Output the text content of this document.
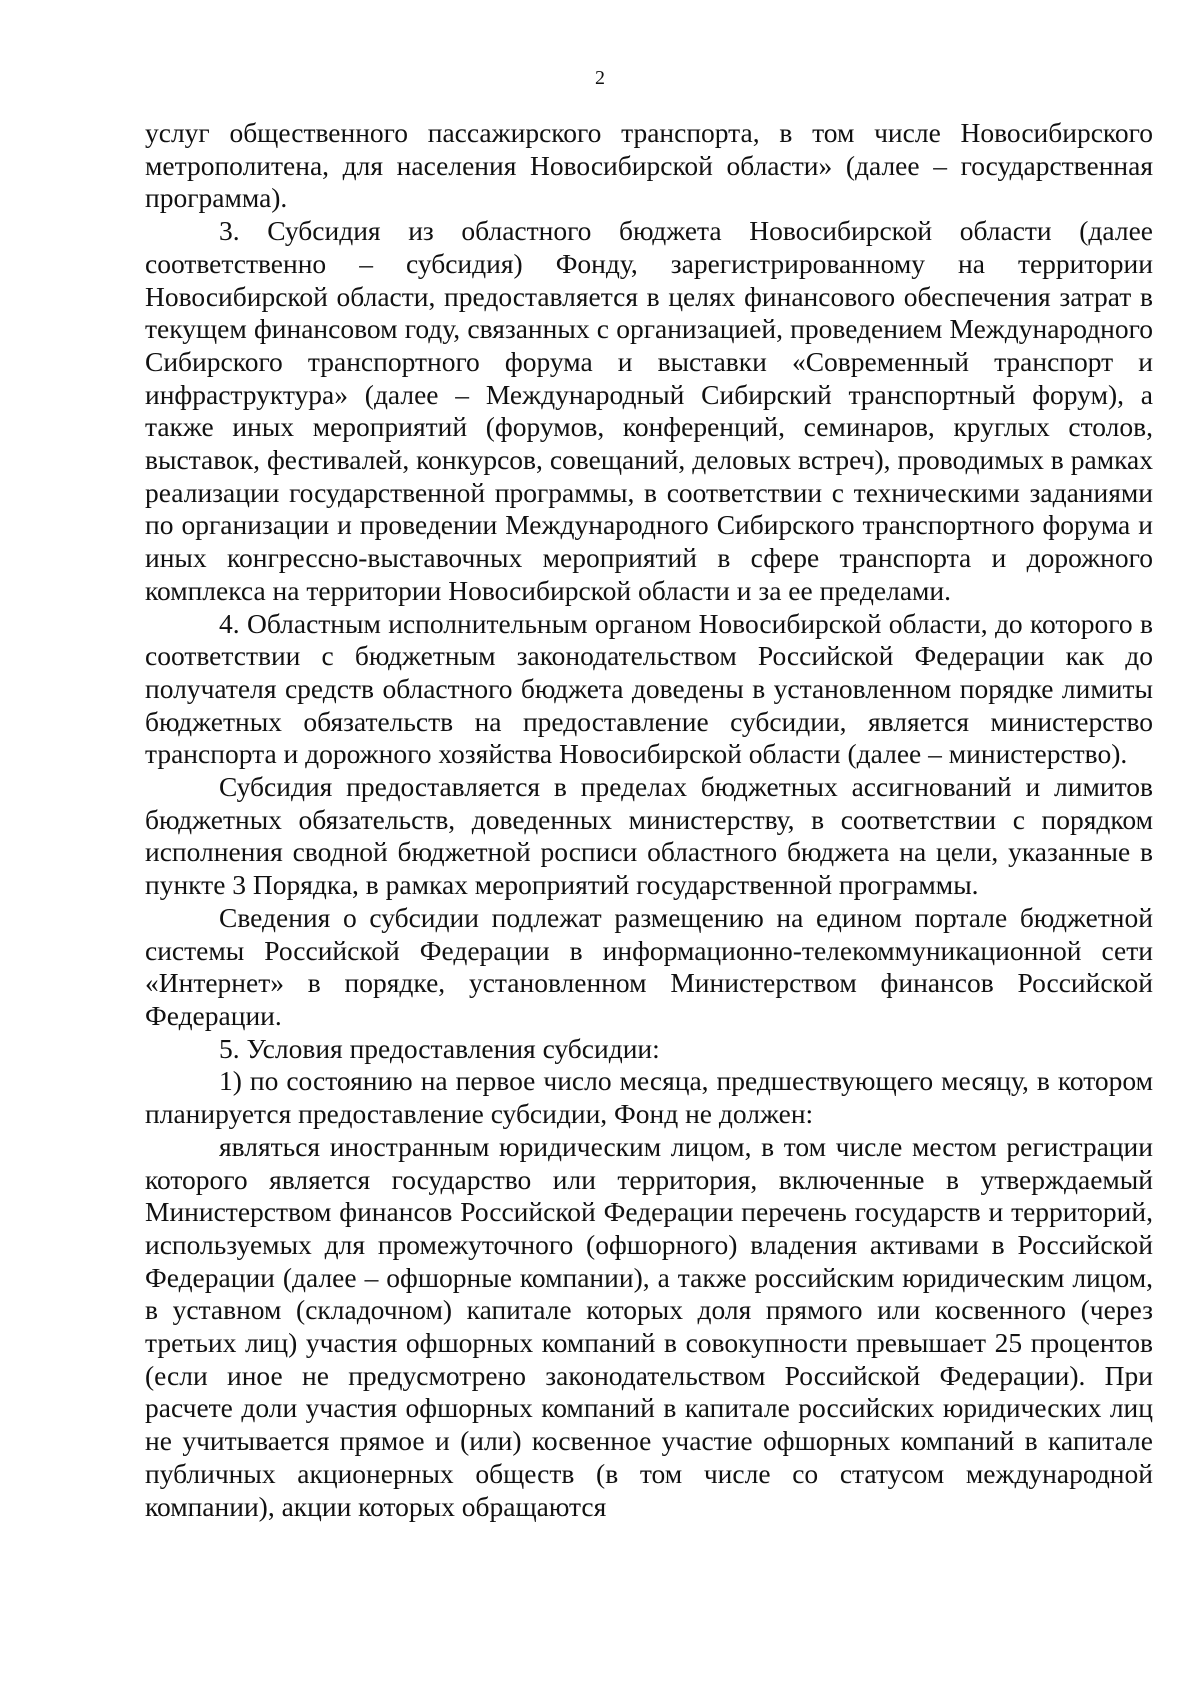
2

услуг общественного пассажирского транспорта, в том числе Новосибирского метрополитена, для населения Новосибирской области» (далее – государственная программа).

3. Субсидия из областного бюджета Новосибирской области (далее соответственно – субсидия) Фонду, зарегистрированному на территории Новосибирской области, предоставляется в целях финансового обеспечения затрат в текущем финансовом году, связанных с организацией, проведением Международного Сибирского транспортного форума и выставки «Современный транспорт и инфраструктура» (далее – Международный Сибирский транспортный форум), а также иных мероприятий (форумов, конференций, семинаров, круглых столов, выставок, фестивалей, конкурсов, совещаний, деловых встреч), проводимых в рамках реализации государственной программы, в соответствии с техническими заданиями по организации и проведении Международного Сибирского транспортного форума и иных конгрессно-выставочных мероприятий в сфере транспорта и дорожного комплекса на территории Новосибирской области и за ее пределами.

4. Областным исполнительным органом Новосибирской области, до которого в соответствии с бюджетным законодательством Российской Федерации как до получателя средств областного бюджета доведены в установленном порядке лимиты бюджетных обязательств на предоставление субсидии, является министерство транспорта и дорожного хозяйства Новосибирской области (далее – министерство).

Субсидия предоставляется в пределах бюджетных ассигнований и лимитов бюджетных обязательств, доведенных министерству, в соответствии с порядком исполнения сводной бюджетной росписи областного бюджета на цели, указанные в пункте 3 Порядка, в рамках мероприятий государственной программы.

Сведения о субсидии подлежат размещению на едином портале бюджетной системы Российской Федерации в информационно-телекоммуникационной сети «Интернет» в порядке, установленном Министерством финансов Российской Федерации.

5. Условия предоставления субсидии:

1) по состоянию на первое число месяца, предшествующего месяцу, в котором планируется предоставление субсидии, Фонд не должен:

являться иностранным юридическим лицом, в том числе местом регистрации которого является государство или территория, включенные в утверждаемый Министерством финансов Российской Федерации перечень государств и территорий, используемых для промежуточного (офшорного) владения активами в Российской Федерации (далее – офшорные компании), а также российским юридическим лицом, в уставном (складочном) капитале которых доля прямого или косвенного (через третьих лиц) участия офшорных компаний в совокупности превышает 25 процентов (если иное не предусмотрено законодательством Российской Федерации). При расчете доли участия офшорных компаний в капитале российских юридических лиц не учитывается прямое и (или) косвенное участие офшорных компаний в капитале публичных акционерных обществ (в том числе со статусом международной компании), акции которых обращаются
